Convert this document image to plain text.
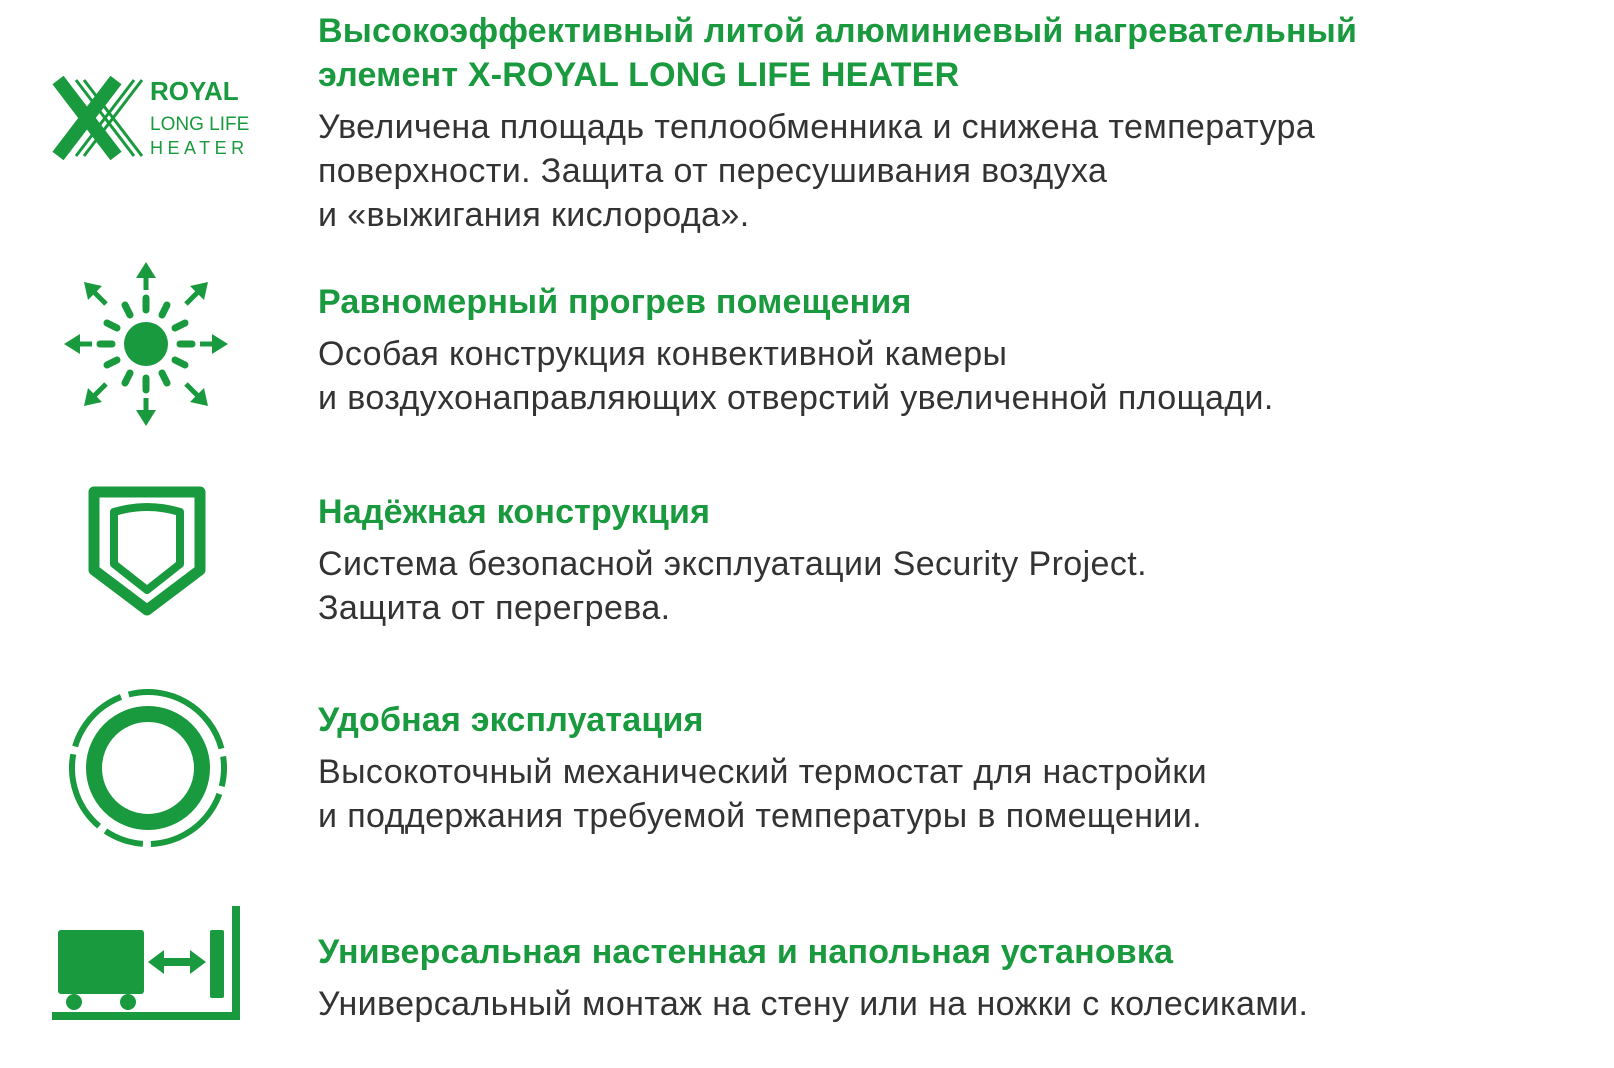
ROYAL
LONG LIFE
HEATER
Высокоэффективный литой алюминиевый нагревательный
элемент X-ROYAL LONG LIFE HEATER
Увеличена площадь теплообменника и снижена температура
поверхности. Защита от пересушивания воздуха
и «выжигания кислорода».
Равномерный прогрев помещения
Особая конструкция конвективной камеры
и воздухонаправляющих отверстий увеличенной площади.
Надёжная конструкция
Система безопасной эксплуатации Security Project.
Защита от перегрева.
Удобная эксплуатация
Высокоточный механический термостат для настройки
и поддержания требуемой температуры в помещении.
Универсальная настенная и напольная установка
Универсальный монтаж на стену или на ножки с колесиками.
